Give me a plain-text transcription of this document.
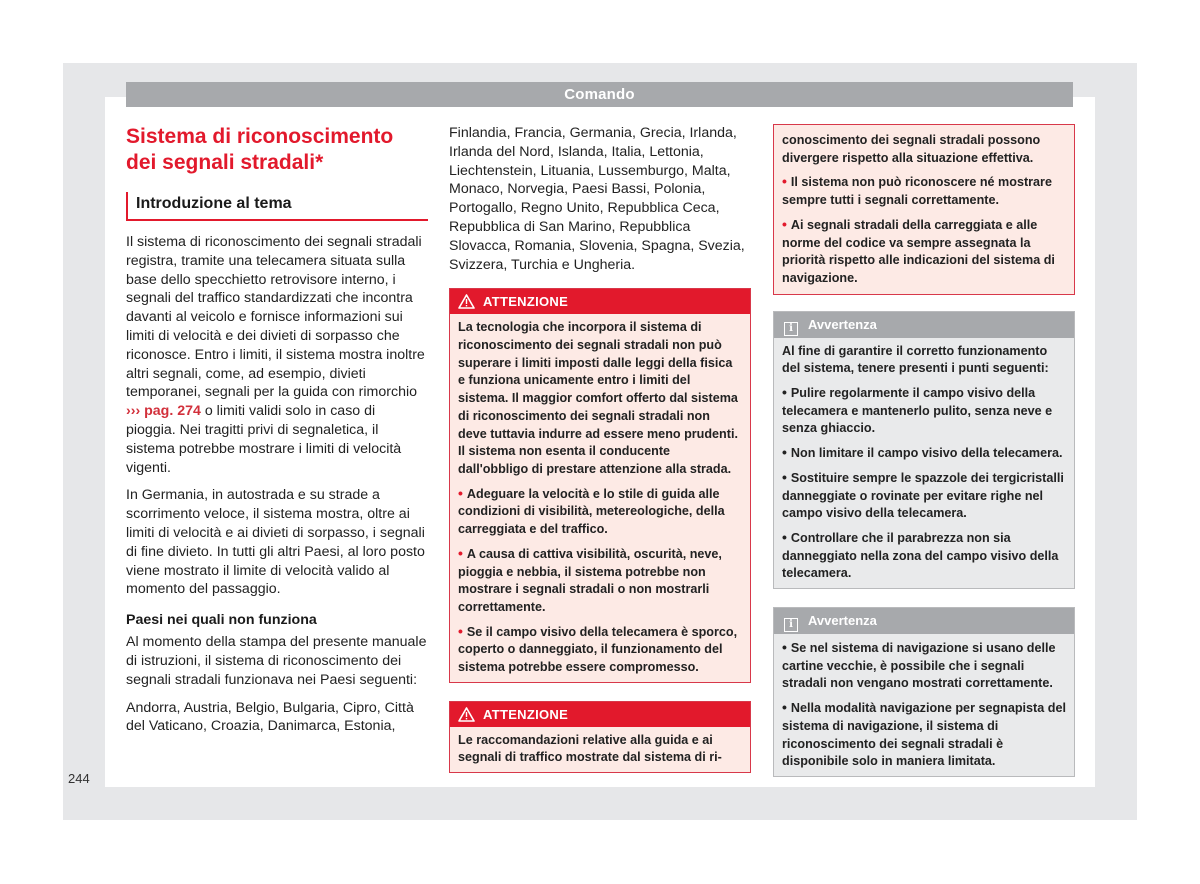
Comando
244
Sistema di riconoscimento dei segnali stradali*
Introduzione al tema

Il sistema di riconoscimento dei segnali stradali registra, tramite una telecamera situata sulla base dello specchietto retrovisore interno, i segnali del traffico standardizzati che incontra davanti al veicolo e fornisce informazioni sui limiti di velocità e dei divieti di sorpasso che riconosce. Entro i limiti, il sistema mostra inoltre altri segnali, come, ad esempio, divieti temporanei, segnali per la guida con rimorchio ››› pag. 274 o limiti validi solo in caso di pioggia. Nei tragitti privi di segnaletica, il sistema potrebbe mostrare i limiti di velocità vigenti.

In Germania, in autostrada e su strade a scorrimento veloce, il sistema mostra, oltre ai limiti di velocità e ai divieti di sorpasso, i segnali di fine divieto. In tutti gli altri Paesi, al loro posto viene mostrato il limite di velocità valido al momento del passaggio.

Paesi nei quali non funziona

Al momento della stampa del presente manuale di istruzioni, il sistema di riconoscimento dei segnali stradali funzionava nei Paesi seguenti:

Andorra, Austria, Belgio, Bulgaria, Cipro, Città del Vaticano, Croazia, Danimarca, Estonia,

Finlandia, Francia, Germania, Grecia, Irlanda, Irlanda del Nord, Islanda, Italia, Lettonia, Liechtenstein, Lituania, Lussemburgo, Malta, Monaco, Norvegia, Paesi Bassi, Polonia, Portogallo, Regno Unito, Repubblica Ceca, Repubblica di San Marino, Repubblica Slovacca, Romania, Slovenia, Spagna, Svezia, Svizzera, Turchia e Ungheria.

ATTENZIONE

La tecnologia che incorpora il sistema di riconoscimento dei segnali stradali non può superare i limiti imposti dalle leggi della fisica e funziona unicamente entro i limiti del sistema. Il maggior comfort offerto dal sistema di riconoscimento dei segnali stradali non deve tuttavia indurre ad essere meno prudenti. Il sistema non esenta il conducente dall'obbligo di prestare attenzione alla strada.

• Adeguare la velocità e lo stile di guida alle condizioni di visibilità, metereologiche, della carreggiata e del traffico.

• A causa di cattiva visibilità, oscurità, neve, pioggia e nebbia, il sistema potrebbe non mostrare i segnali stradali o non mostrarli correttamente.

• Se il campo visivo della telecamera è sporco, coperto o danneggiato, il funzionamento del sistema potrebbe essere compromesso.

ATTENZIONE

Le raccomandazioni relative alla guida e ai segnali di traffico mostrate dal sistema di ri-

conoscimento dei segnali stradali possono divergere rispetto alla situazione effettiva.

• Il sistema non può riconoscere né mostrare sempre tutti i segnali correttamente.

• Ai segnali stradali della carreggiata e alle norme del codice va sempre assegnata la priorità rispetto alle indicazioni del sistema di navigazione.

i Avvertenza

Al fine di garantire il corretto funzionamento del sistema, tenere presenti i punti seguenti:

• Pulire regolarmente il campo visivo della telecamera e mantenerlo pulito, senza neve e senza ghiaccio.

• Non limitare il campo visivo della telecamera.

• Sostituire sempre le spazzole dei tergicristalli danneggiate o rovinate per evitare righe nel campo visivo della telecamera.

• Controllare che il parabrezza non sia danneggiato nella zona del campo visivo della telecamera.

i Avvertenza

• Se nel sistema di navigazione si usano delle cartine vecchie, è possibile che i segnali stradali non vengano mostrati correttamente.

• Nella modalità navigazione per segnapista del sistema di navigazione, il sistema di riconoscimento dei segnali stradali è disponibile solo in maniera limitata.
